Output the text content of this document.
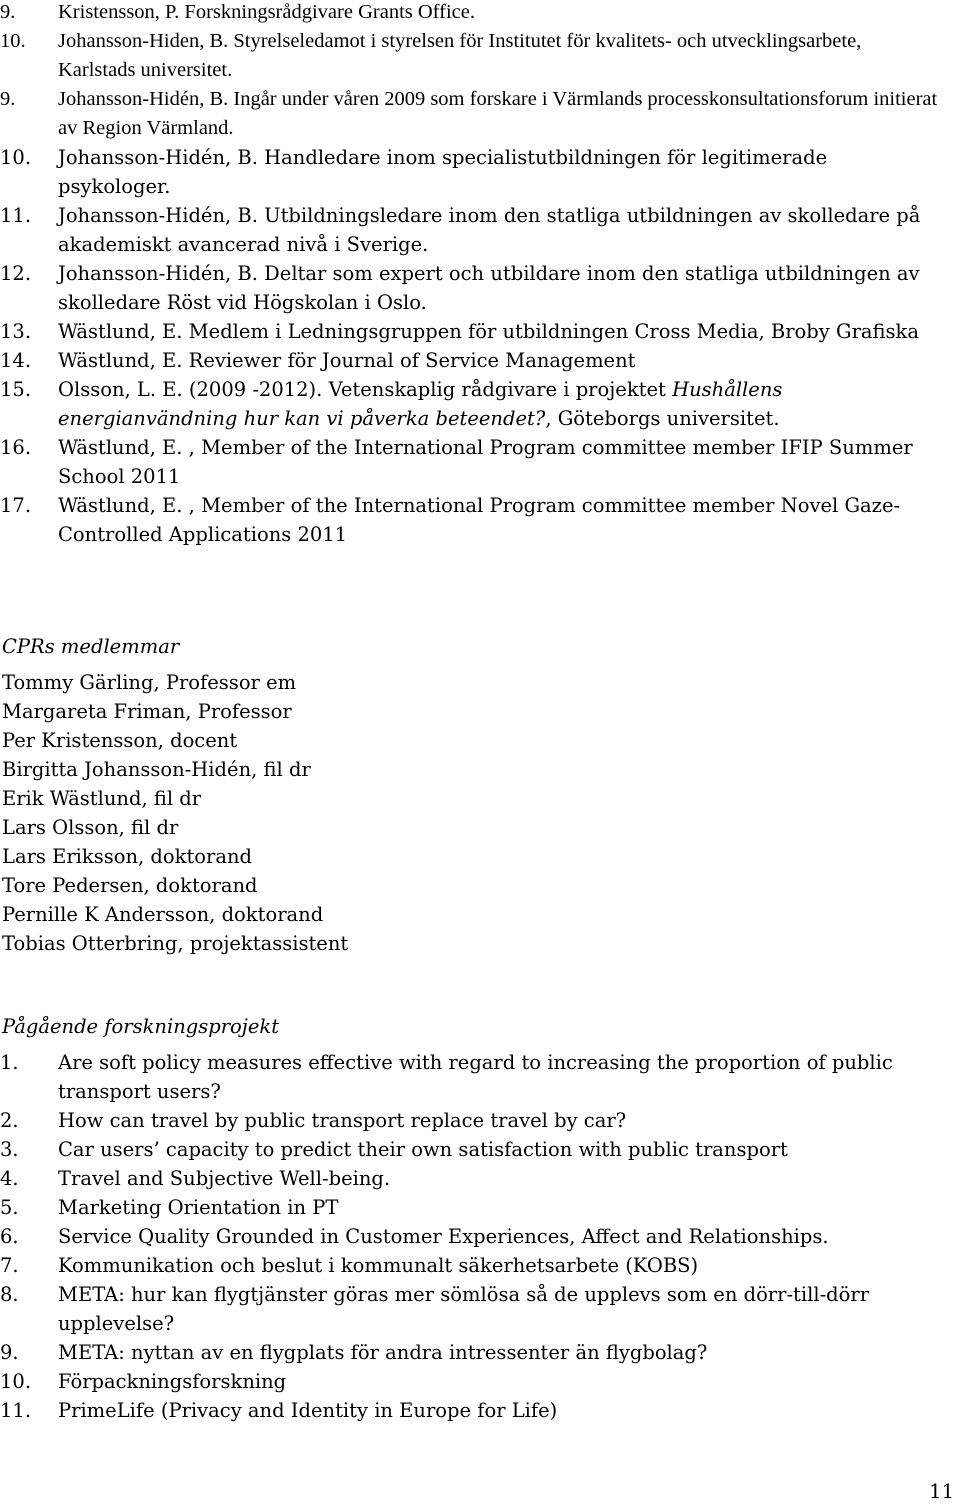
9.	Kristensson, P. Forskningsrådgivare Grants Office.
10.	Johansson-Hiden, B. Styrelseledamot i styrelsen för Institutet för kvalitets- och utvecklingsarbete, Karlstads universitet.
9.	Johansson-Hidén, B. Ingår under våren 2009 som forskare i Värmlands processkonsultationsforum initierat av Region Värmland.
10.	Johansson-Hidén, B. Handledare inom specialistutbildningen för legitimerade psykologer.
11.	Johansson-Hidén, B. Utbildningsledare inom den statliga utbildningen av skolledare på akademiskt avancerad nivå i Sverige.
12.	Johansson-Hidén, B. Deltar som expert och utbildare inom den statliga utbildningen av skolledare Röst vid Högskolan i Oslo.
13.	Wästlund, E. Medlem i Ledningsgruppen för utbildningen Cross Media, Broby Grafiska
14.	Wästlund, E. Reviewer för Journal of Service Management
15.	Olsson, L. E. (2009 -2012). Vetenskaplig rådgivare i projektet Hushållens energianvändning hur kan vi påverka beteendet?, Göteborgs universitet.
16.	Wästlund, E. , Member of the International Program committee member IFIP Summer School 2011
17.	Wästlund, E. , Member of the International Program committee member Novel Gaze-Controlled Applications 2011
CPRs medlemmar
Tommy Gärling, Professor em
Margareta Friman, Professor
Per Kristensson, docent
Birgitta Johansson-Hidén, fil dr
Erik Wästlund, fil dr
Lars Olsson, fil dr
Lars Eriksson, doktorand
Tore Pedersen, doktorand
Pernille K Andersson, doktorand
Tobias Otterbring, projektassistent
Pågående forskningsprojekt
1.	Are soft policy measures effective with regard to increasing the proportion of public transport users?
2.	How can travel by public transport replace travel by car?
3.	Car users’ capacity to predict their own satisfaction with public transport
4.	Travel and Subjective Well-being.
5.	Marketing Orientation in PT
6.	Service Quality Grounded in Customer Experiences, Affect and Relationships.
7.	Kommunikation och beslut i kommunalt säkerhetsarbete (KOBS)
8.	META: hur kan flygtjänster göras mer sömlösa så de upplevs som en dörr-till-dörr upplevelse?
9.	META: nyttan av en flygplats för andra intressenter än flygbolag?
10.	Förpackningsforskning
11.	PrimeLife (Privacy and Identity in Europe for Life)
11
